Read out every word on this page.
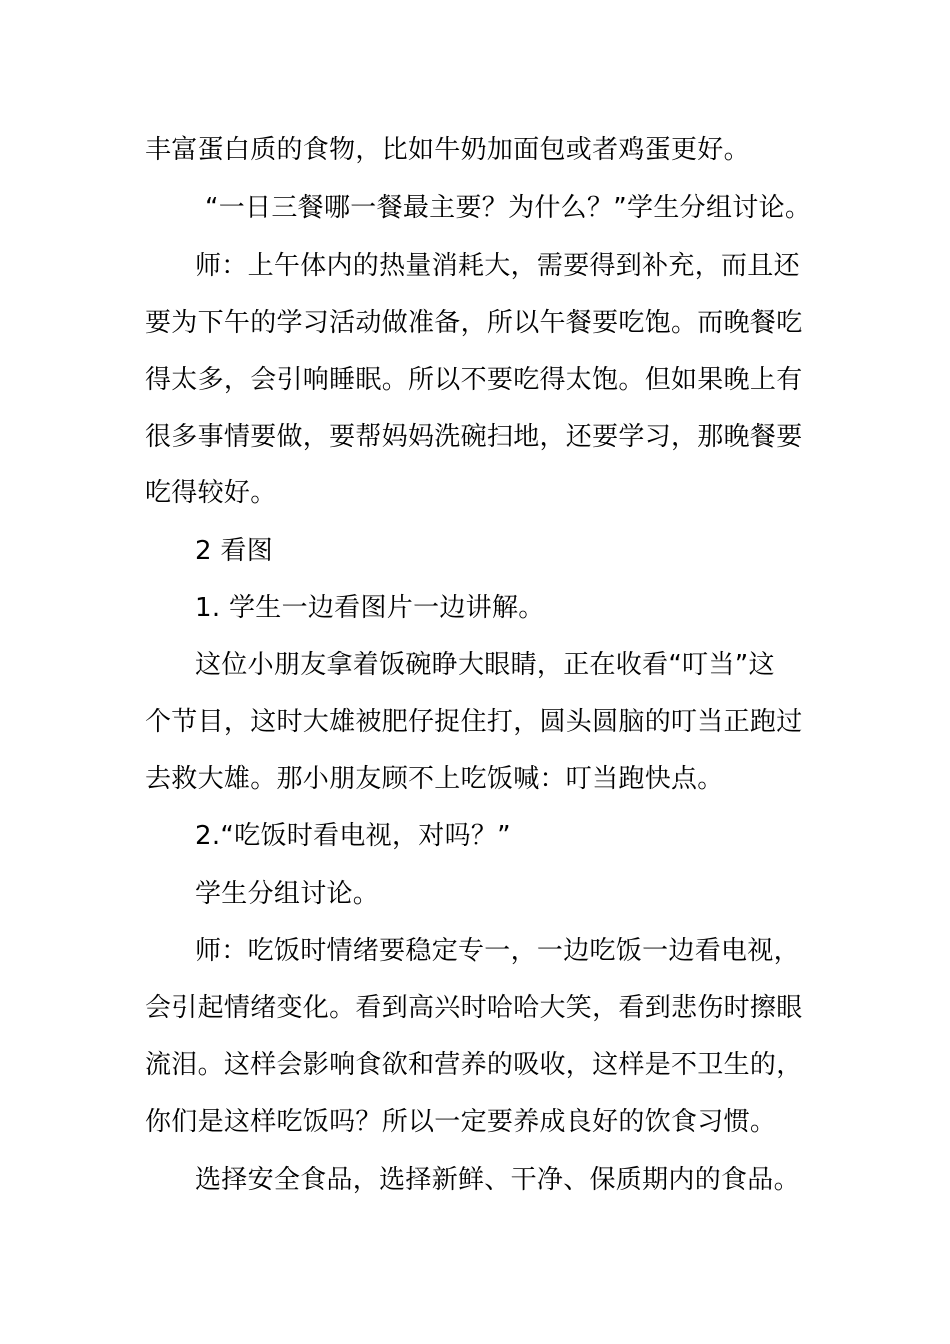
丰富蛋白质的食物，比如牛奶加面包或者鸡蛋更好。
“一日三餐哪一餐最主要？为什么？”学生分组讨论。
师：上午体内的热量消耗大，需要得到补充，而且还
要为下午的学习活动做准备，所以午餐要吃饱。而晚餐吃
得太多，会引响睡眠。所以不要吃得太饱。但如果晚上有
很多事情要做，要帮妈妈洗碗扫地，还要学习，那晚餐要
吃得较好。
2 看图
1. 学生一边看图片一边讲解。
这位小朋友拿着饭碗睁大眼睛，正在收看“叮当”这
个节目，这时大雄被肥仔捉住打，圆头圆脑的叮当正跑过
去救大雄。那小朋友顾不上吃饭喊：叮当跑快点。
2.“吃饭时看电视，对吗？”
学生分组讨论。
师：吃饭时情绪要稳定专一，一边吃饭一边看电视，
会引起情绪变化。看到高兴时哈哈大笑，看到悲伤时擦眼
流泪。这样会影响食欲和营养的吸收，这样是不卫生的，
你们是这样吃饭吗？所以一定要养成良好的饮食习惯。
选择安全食品，选择新鲜、干净、保质期内的食品。
